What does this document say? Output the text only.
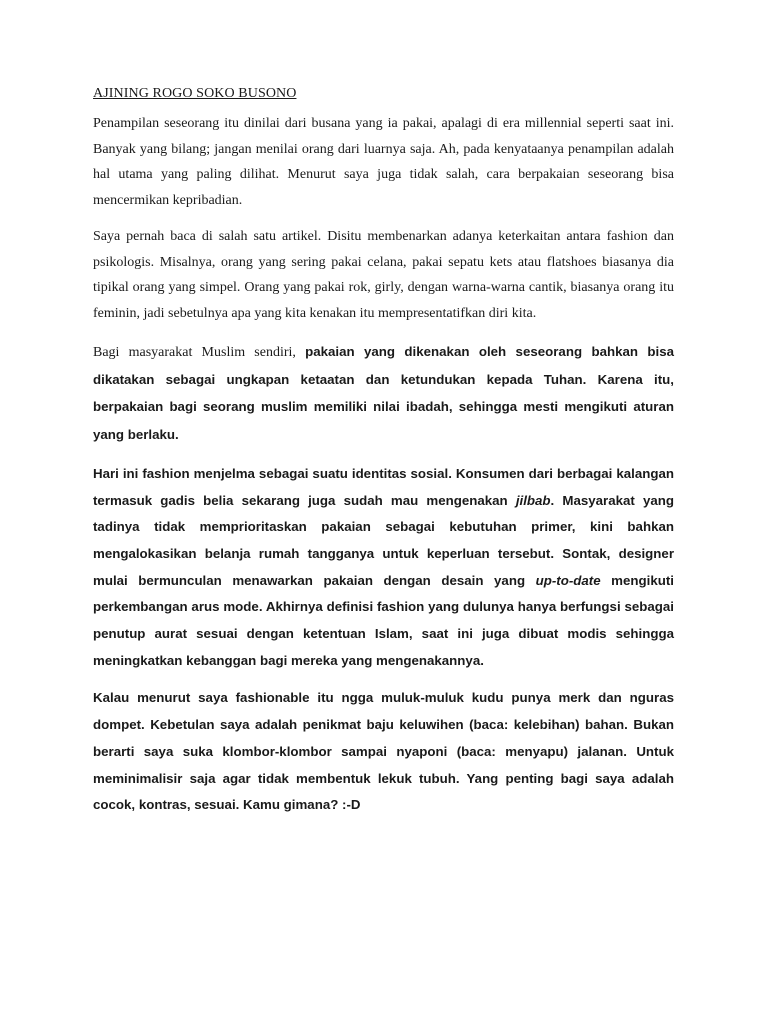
AJINING ROGO SOKO BUSONO

Penampilan seseorang itu dinilai dari busana yang ia pakai, apalagi di era millennial seperti saat ini. Banyak yang bilang; jangan menilai orang dari luarnya saja. Ah, pada kenyataanya penampilan adalah hal utama yang paling dilihat. Menurut saya juga tidak salah, cara berpakaian seseorang bisa mencermikan kepribadian.

Saya pernah baca di salah satu artikel. Disitu membenarkan adanya keterkaitan antara fashion dan psikologis. Misalnya, orang yang sering pakai celana, pakai sepatu kets atau flatshoes biasanya dia tipikal orang yang simpel. Orang yang pakai rok, girly, dengan warna-warna cantik, biasanya orang itu feminin, jadi sebetulnya apa yang kita kenakan itu mempresentatifkan diri kita.

Bagi masyarakat Muslim sendiri, pakaian yang dikenakan oleh seseorang bahkan bisa dikatakan sebagai ungkapan ketaatan dan ketundukan kepada Tuhan. Karena itu, berpakaian bagi seorang muslim memiliki nilai ibadah, sehingga mesti mengikuti aturan yang berlaku.

Hari ini fashion menjelma sebagai suatu identitas sosial. Konsumen dari berbagai kalangan termasuk gadis belia sekarang juga sudah mau mengenakan jilbab. Masyarakat yang tadinya tidak memprioritaskan pakaian sebagai kebutuhan primer, kini bahkan mengalokasikan belanja rumah tangganya untuk keperluan tersebut. Sontak, designer mulai bermunculan menawarkan pakaian dengan desain yang up-to-date mengikuti perkembangan arus mode. Akhirnya definisi fashion yang dulunya hanya berfungsi sebagai penutup aurat sesuai dengan ketentuan Islam, saat ini juga dibuat modis sehingga meningkatkan kebanggan bagi mereka yang mengenakannya.

Kalau menurut saya fashionable itu ngga muluk-muluk kudu punya merk dan nguras dompet. Kebetulan saya adalah penikmat baju keluwihen (baca: kelebihan) bahan. Bukan berarti saya suka klombor-klombor sampai nyaponi (baca: menyapu) jalanan. Untuk meminimalisir saja agar tidak membentuk lekuk tubuh. Yang penting bagi saya adalah cocok, kontras, sesuai. Kamu gimana? :-D
